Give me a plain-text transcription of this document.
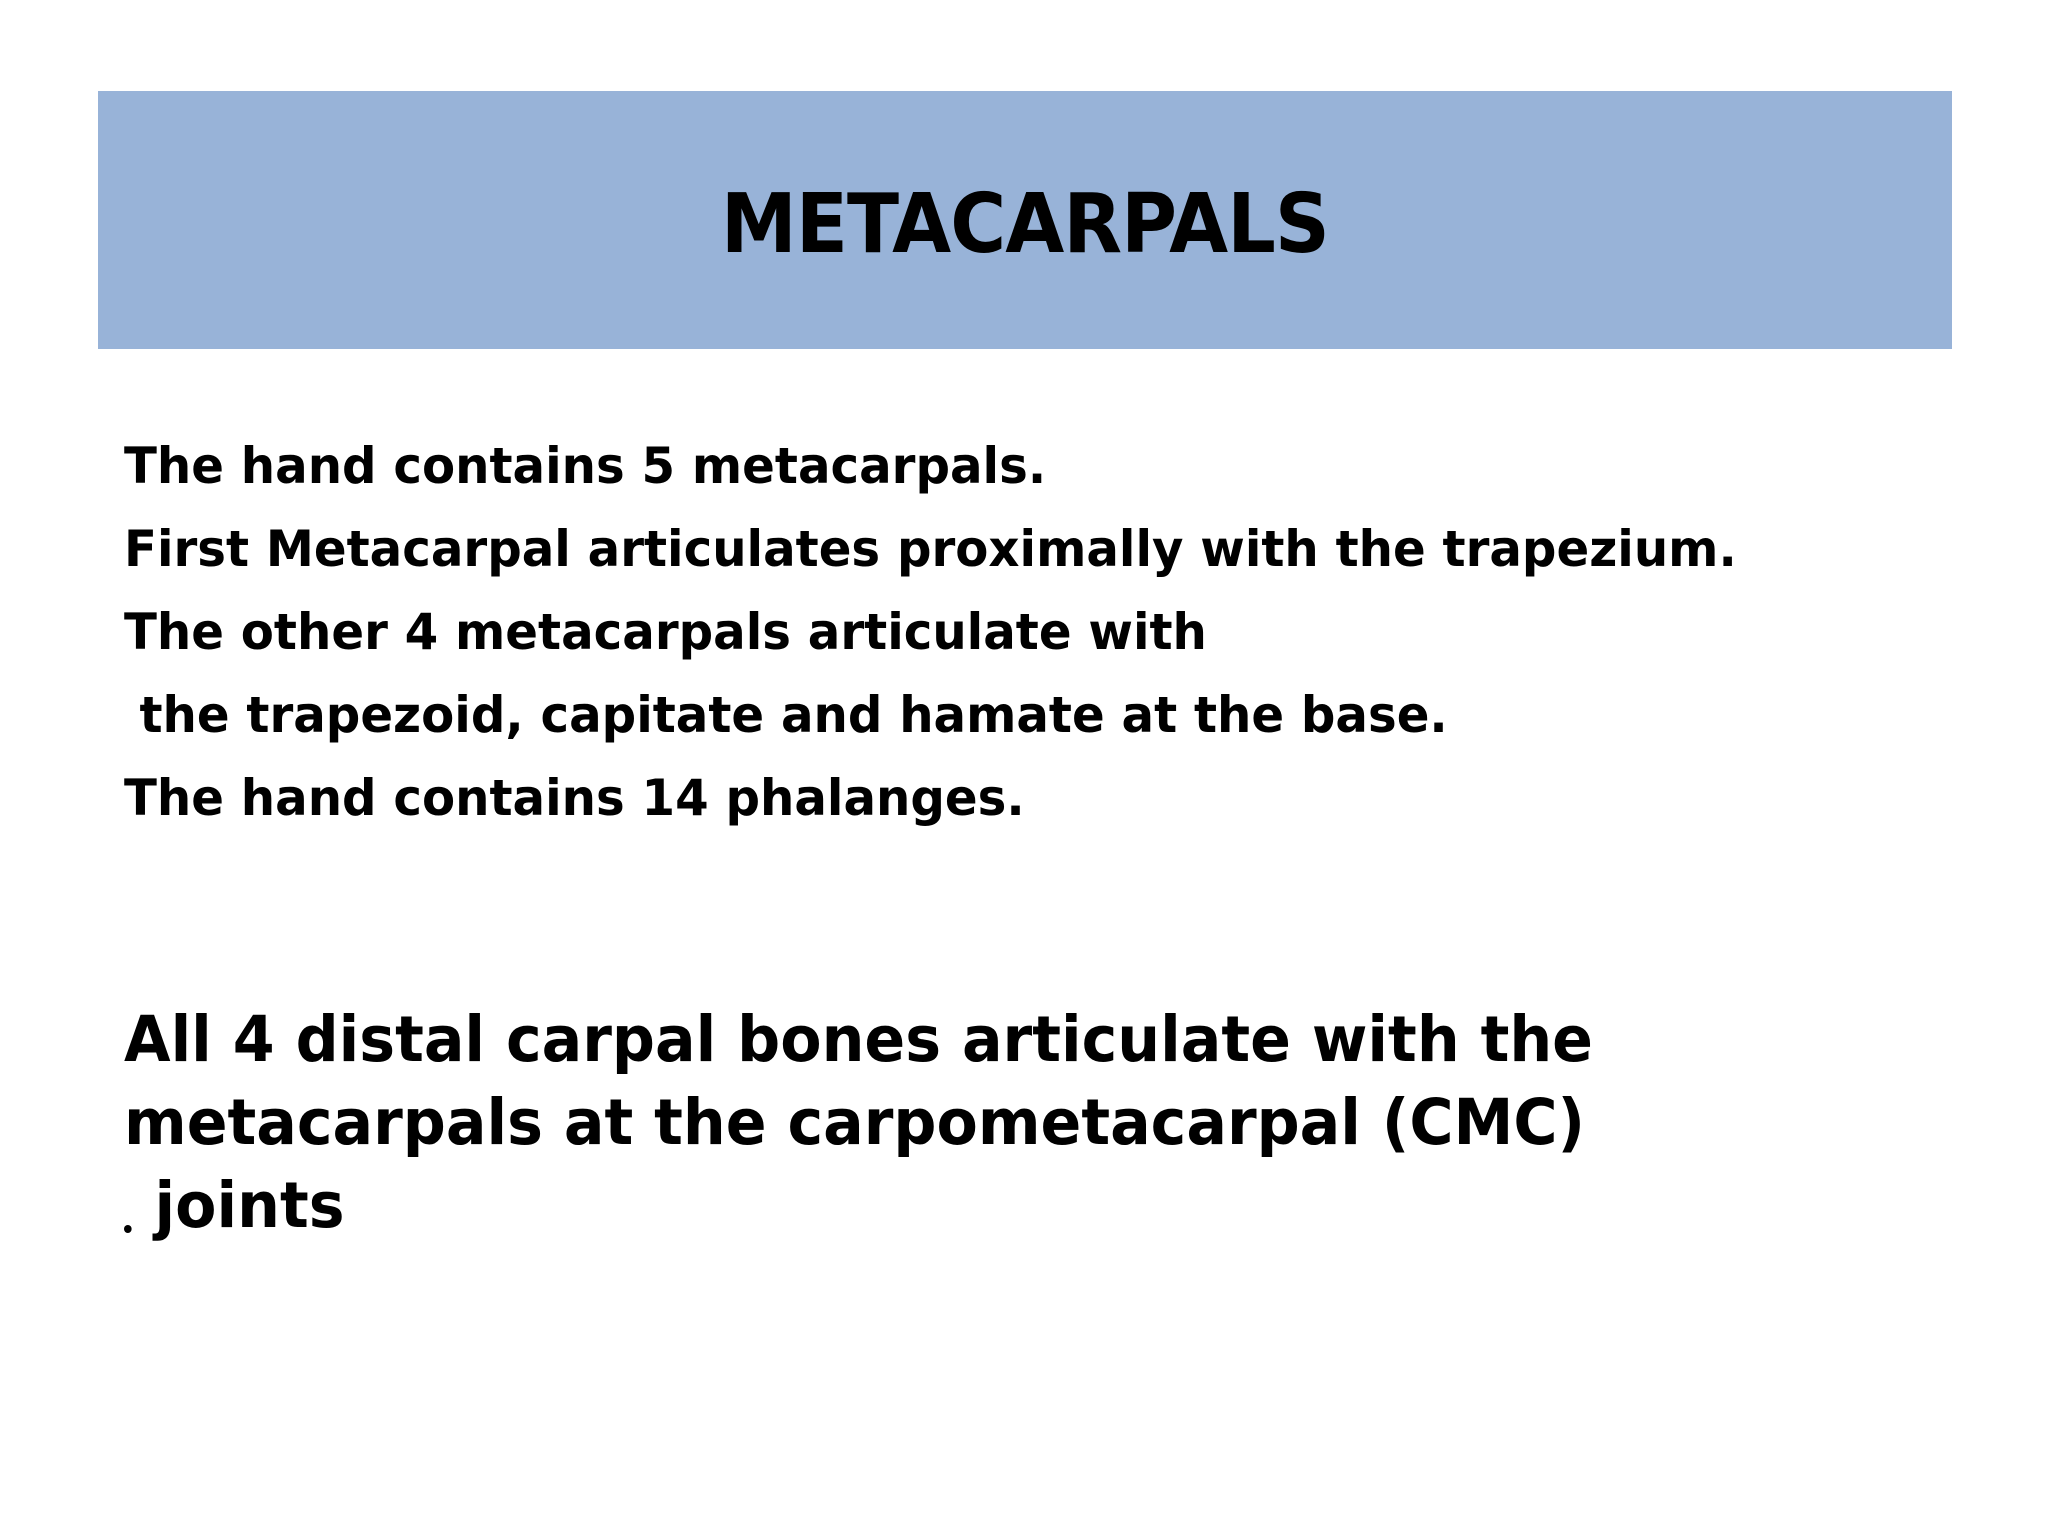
METACARPALS
The hand contains 5 metacarpals.
First Metacarpal articulates proximally with the trapezium.
The other 4 metacarpals articulate with
the trapezoid, capitate and hamate at the base.
The hand contains 14 phalanges.
All 4 distal carpal bones articulate with the
metacarpals at the carpometacarpal (CMC)
joints
